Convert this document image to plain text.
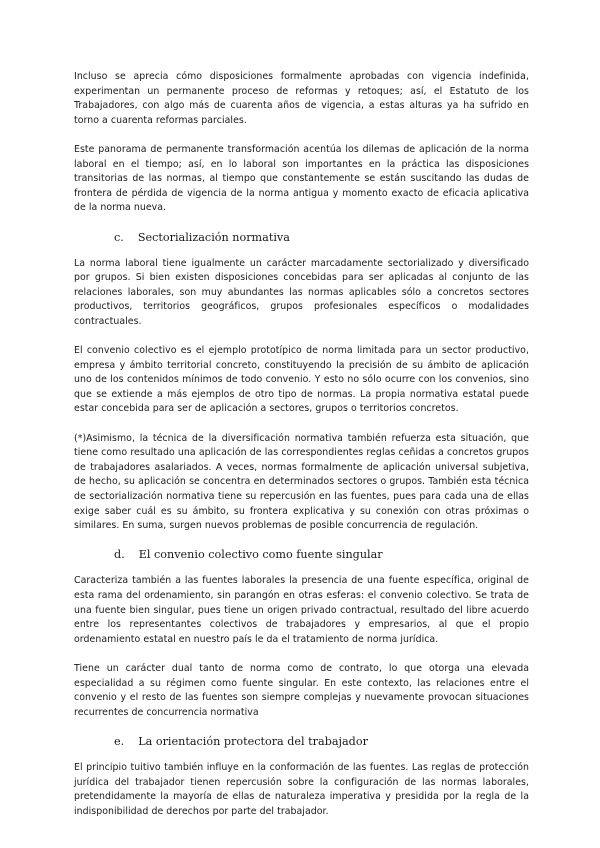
Incluso se aprecia cómo disposiciones formalmente aprobadas con vigencia indefinida, experimentan un permanente proceso de reformas y retoques; así, el Estatuto de los Trabajadores, con algo más de cuarenta años de vigencia, a estas alturas ya ha sufrido en torno a cuarenta reformas parciales.

Este panorama de permanente transformación acentúa los dilemas de aplicación de la norma laboral en el tiempo; así, en lo laboral son importantes en la práctica las disposiciones transitorias de las normas, al tiempo que constantemente se están suscitando las dudas de frontera de pérdida de vigencia de la norma antigua y momento exacto de eficacia aplicativa de la norma nueva.

c. Sectorialización normativa

La norma laboral tiene igualmente un carácter marcadamente sectorializado y diversificado por grupos. Si bien existen disposiciones concebidas para ser aplicadas al conjunto de las relaciones laborales, son muy abundantes las normas aplicables sólo a concretos sectores productivos, territorios geográficos, grupos profesionales específicos o modalidades contractuales.

El convenio colectivo es el ejemplo prototípico de norma limitada para un sector productivo, empresa y ámbito territorial concreto, constituyendo la precisión de su ámbito de aplicación uno de los contenidos mínimos de todo convenio. Y esto no sólo ocurre con los convenios, sino que se extiende a más ejemplos de otro tipo de normas. La propia normativa estatal puede estar concebida para ser de aplicación a sectores, grupos o territorios concretos.

(*)Asimismo, la técnica de la diversificación normativa también refuerza esta situación, que tiene como resultado una aplicación de las correspondientes reglas ceñidas a concretos grupos de trabajadores asalariados. A veces, normas formalmente de aplicación universal subjetiva, de hecho, su aplicación se concentra en determinados sectores o grupos. También esta técnica de sectorialización normativa tiene su repercusión en las fuentes, pues para cada una de ellas exige saber cuál es su ámbito, su frontera explicativa y su conexión con otras próximas o similares. En suma, surgen nuevos problemas de posible concurrencia de regulación.

d. El convenio colectivo como fuente singular

Caracteriza también a las fuentes laborales la presencia de una fuente específica, original de esta rama del ordenamiento, sin parangón en otras esferas: el convenio colectivo. Se trata de una fuente bien singular, pues tiene un origen privado contractual, resultado del libre acuerdo entre los representantes colectivos de trabajadores y empresarios, al que el propio ordenamiento estatal en nuestro país le da el tratamiento de norma jurídica.

Tiene un carácter dual tanto de norma como de contrato, lo que otorga una elevada especialidad a su régimen como fuente singular. En este contexto, las relaciones entre el convenio y el resto de las fuentes son siempre complejas y nuevamente provocan situaciones recurrentes de concurrencia normativa

e. La orientación protectora del trabajador

El principio tuitivo también influye en la conformación de las fuentes. Las reglas de protección jurídica del trabajador tienen repercusión sobre la configuración de las normas laborales, pretendidamente la mayoría de ellas de naturaleza imperativa y presidida por la regla de la indisponibilidad de derechos por parte del trabajador.
